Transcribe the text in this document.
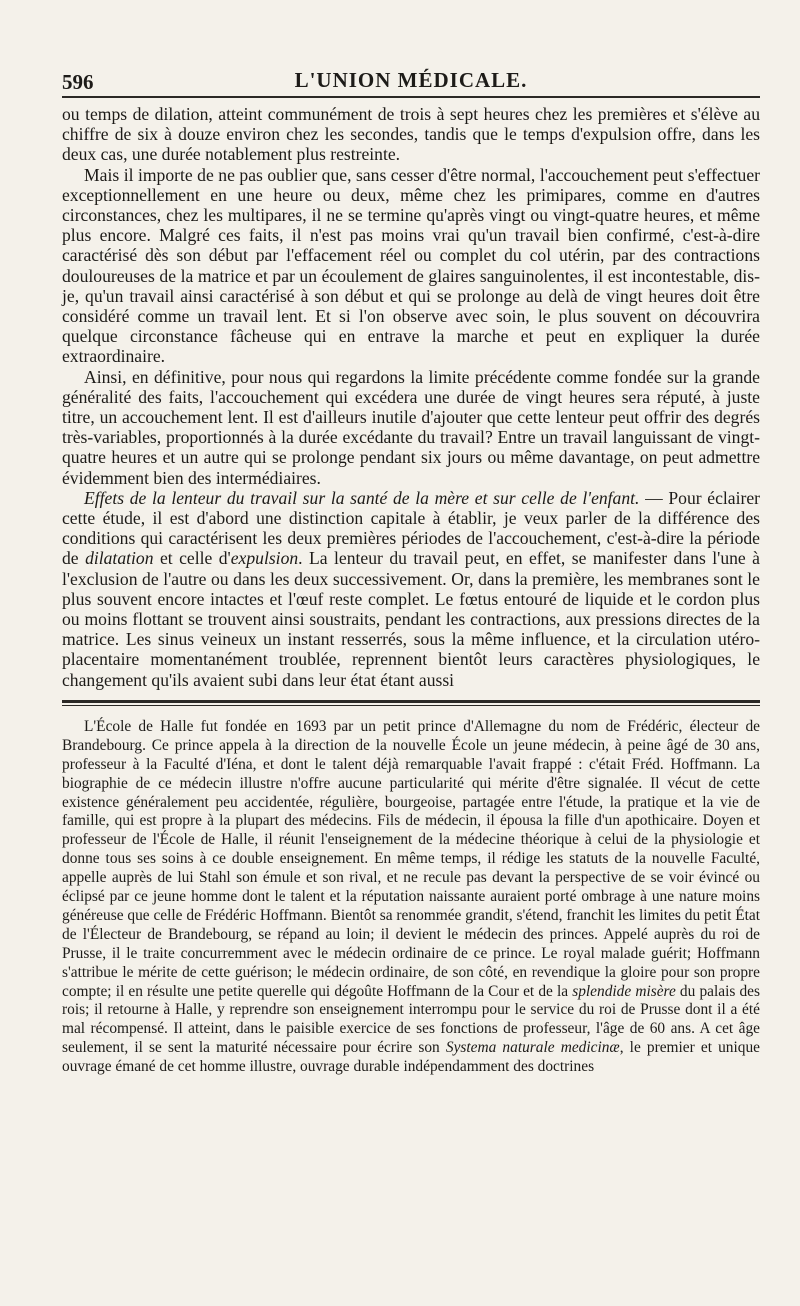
596	L'UNION MÉDICALE.

ou temps de dilation, atteint communément de trois à sept heures chez les premières et s'élève au chiffre de six à douze environ chez les secondes, tandis que le temps d'expulsion offre, dans les deux cas, une durée notablement plus restreinte.

Mais il importe de ne pas oublier que, sans cesser d'être normal, l'accouchement peut s'effectuer exceptionnellement en une heure ou deux, même chez les primipares, comme en d'autres circonstances, chez les multipares, il ne se termine qu'après vingt ou vingt-quatre heures, et même plus encore. Malgré ces faits, il n'est pas moins vrai qu'un travail bien confirmé, c'est-à-dire caractérisé dès son début par l'effacement réel ou complet du col utérin, par des contractions douloureuses de la matrice et par un écoulement de glaires sanguinolentes, il est incontestable, dis-je, qu'un travail ainsi caractérisé à son début et qui se prolonge au delà de vingt heures doit être considéré comme un travail lent. Et si l'on observe avec soin, le plus souvent on découvrira quelque circonstance fâcheuse qui en entrave la marche et peut en expliquer la durée extraordinaire.

Ainsi, en définitive, pour nous qui regardons la limite précédente comme fondée sur la grande généralité des faits, l'accouchement qui excédera une durée de vingt heures sera réputé, à juste titre, un accouchement lent. Il est d'ailleurs inutile d'ajouter que cette lenteur peut offrir des degrés très-variables, proportionnés à la durée excédante du travail? Entre un travail languissant de vingt-quatre heures et un autre qui se prolonge pendant six jours ou même davantage, on peut admettre évidemment bien des intermédiaires.

Effets de la lenteur du travail sur la santé de la mère et sur celle de l'enfant. — Pour éclairer cette étude, il est d'abord une distinction capitale à établir, je veux parler de la différence des conditions qui caractérisent les deux premières périodes de l'accouchement, c'est-à-dire la période de dilatation et celle d'expulsion. La lenteur du travail peut, en effet, se manifester dans l'une à l'exclusion de l'autre ou dans les deux successivement. Or, dans la première, les membranes sont le plus souvent encore intactes et l'œuf reste complet. Le fœtus entouré de liquide et le cordon plus ou moins flottant se trouvent ainsi soustraits, pendant les contractions, aux pressions directes de la matrice. Les sinus veineux un instant resserrés, sous la même influence, et la circulation utéro-placentaire momentanément troublée, reprennent bientôt leurs caractères physiologiques, le changement qu'ils avaient subi dans leur état étant aussi

L'École de Halle fut fondée en 1693 par un petit prince d'Allemagne du nom de Frédéric, électeur de Brandebourg. Ce prince appela à la direction de la nouvelle École un jeune médecin, à peine âgé de 30 ans, professeur à la Faculté d'Iéna, et dont le talent déjà remarquable l'avait frappé : c'était Fréd. Hoffmann. La biographie de ce médecin illustre n'offre aucune particularité qui mérite d'être signalée. Il vécut de cette existence généralement peu accidentée, régulière, bourgeoise, partagée entre l'étude, la pratique et la vie de famille, qui est propre à la plupart des médecins. Fils de médecin, il épousa la fille d'un apothicaire. Doyen et professeur de l'École de Halle, il réunit l'enseignement de la médecine théorique à celui de la physiologie et donne tous ses soins à ce double enseignement. En même temps, il rédige les statuts de la nouvelle Faculté, appelle auprès de lui Stahl son émule et son rival, et ne recule pas devant la perspective de se voir évincé ou éclipsé par ce jeune homme dont le talent et la réputation naissante auraient porté ombrage à une nature moins généreuse que celle de Frédéric Hoffmann. Bientôt sa renommée grandit, s'étend, franchit les limites du petit État de l'Électeur de Brandebourg, se répand au loin; il devient le médecin des princes. Appelé auprès du roi de Prusse, il le traite concurremment avec le médecin ordinaire de ce prince. Le royal malade guérit; Hoffmann s'attribue le mérite de cette guérison; le médecin ordinaire, de son côté, en revendique la gloire pour son propre compte; il en résulte une petite querelle qui dégoûte Hoffmann de la Cour et de la splendide misère du palais des rois; il retourne à Halle, y reprendre son enseignement interrompu pour le service du roi de Prusse dont il a été mal récompensé. Il atteint, dans le paisible exercice de ses fonctions de professeur, l'âge de 60 ans. A cet âge seulement, il se sent la maturité nécessaire pour écrire son Systema naturale medicinæ, le premier et unique ouvrage émané de cet homme illustre, ouvrage durable indépendamment des doctrines
